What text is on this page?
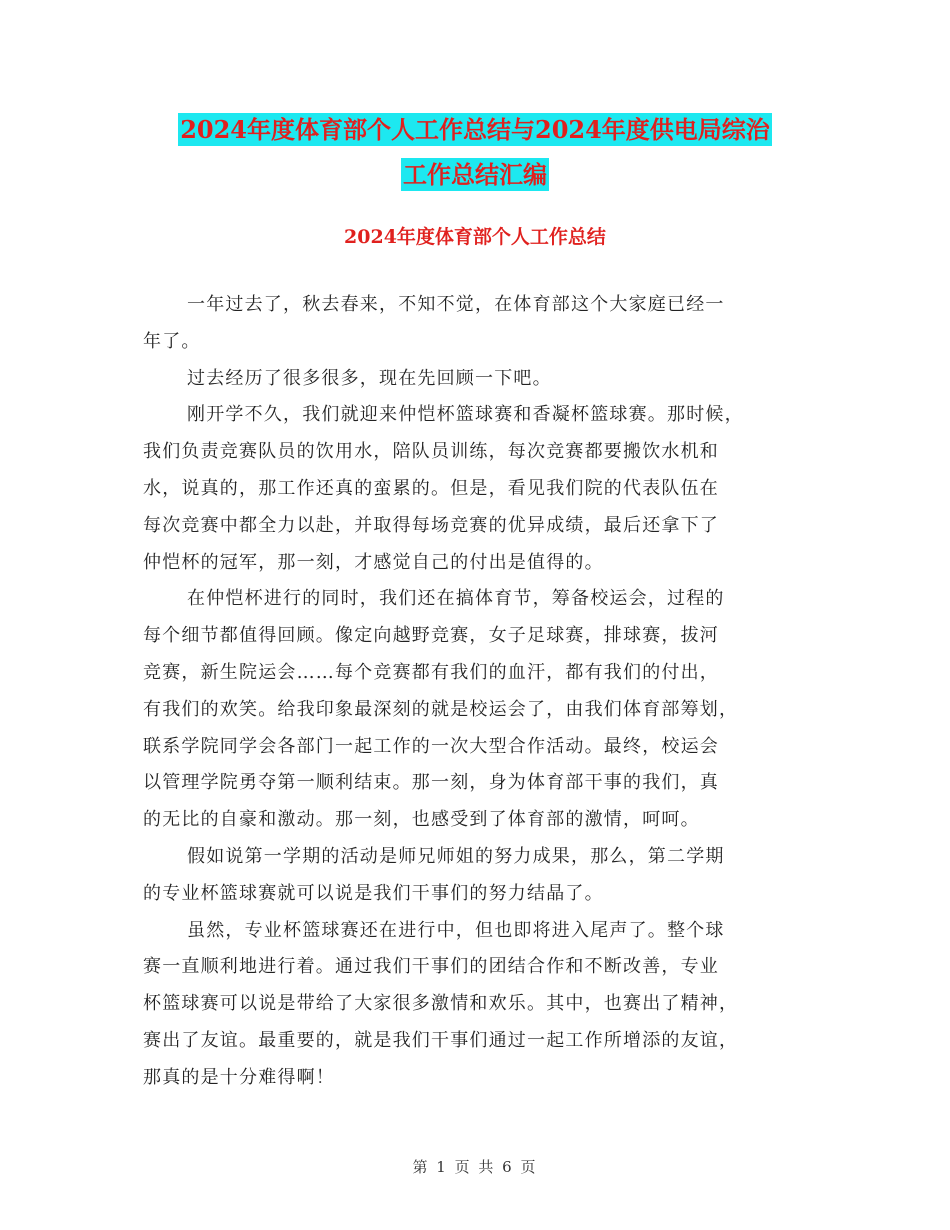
2024年度体育部个人工作总结与2024年度供电局综治
工作总结汇编
2024年度体育部个人工作总结
一年过去了，秋去春来，不知不觉，在体育部这个大家庭已经一
年了。
过去经历了很多很多，现在先回顾一下吧。
刚开学不久，我们就迎来仲恺杯篮球赛和香凝杯篮球赛。那时候，
我们负责竞赛队员的饮用水，陪队员训练，每次竞赛都要搬饮水机和
水，说真的，那工作还真的蛮累的。但是，看见我们院的代表队伍在
每次竞赛中都全力以赴，并取得每场竞赛的优异成绩，最后还拿下了
仲恺杯的冠军，那一刻，才感觉自己的付出是值得的。
在仲恺杯进行的同时，我们还在搞体育节，筹备校运会，过程的
每个细节都值得回顾。像定向越野竞赛，女子足球赛，排球赛，拔河
竞赛，新生院运会……每个竞赛都有我们的血汗，都有我们的付出，
有我们的欢笑。给我印象最深刻的就是校运会了，由我们体育部筹划，
联系学院同学会各部门一起工作的一次大型合作活动。最终，校运会
以管理学院勇夺第一顺利结束。那一刻，身为体育部干事的我们，真
的无比的自豪和激动。那一刻，也感受到了体育部的激情，呵呵。
假如说第一学期的活动是师兄师姐的努力成果，那么，第二学期
的专业杯篮球赛就可以说是我们干事们的努力结晶了。
虽然，专业杯篮球赛还在进行中，但也即将进入尾声了。整个球
赛一直顺利地进行着。通过我们干事们的团结合作和不断改善，专业
杯篮球赛可以说是带给了大家很多激情和欢乐。其中，也赛出了精神，
赛出了友谊。最重要的，就是我们干事们通过一起工作所增添的友谊，
那真的是十分难得啊！
第 1 页 共 6 页
